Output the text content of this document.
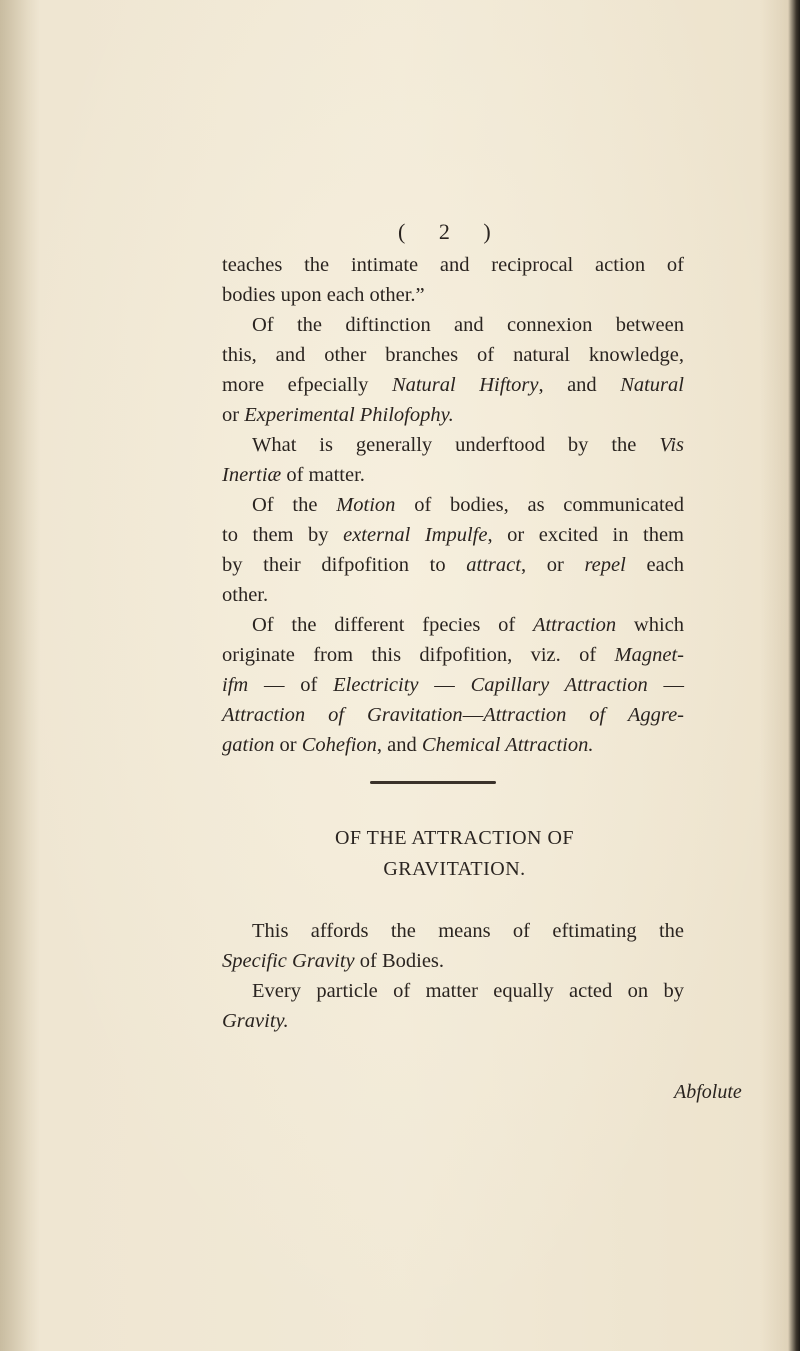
( 2 )
teaches the intimate and reciprocal action of
bodies upon each other.”
Of the diftinction and connexion between
this, and other branches of natural knowledge,
more efpecially Natural Hiftory, and Natural
or Experimental Philofophy.
What is generally underftood by the Vis
Inertiæ of matter.
Of the Motion of bodies, as communicated
to them by external Impulfe, or excited in them
by their difpofition to attract, or repel each
other.
Of the different fpecies of Attraction which
originate from this difpofition, viz. of Magnet-
ifm — of Electricity — Capillary Attraction —
Attraction of Gravitation—Attraction of Aggre-
gation or Cohefion, and Chemical Attraction.
OF THE ATTRACTION OF
GRAVITATION.
This affords the means of eftimating the
Specific Gravity of Bodies.
Every particle of matter equally acted on by
Gravity.
Abfolute
